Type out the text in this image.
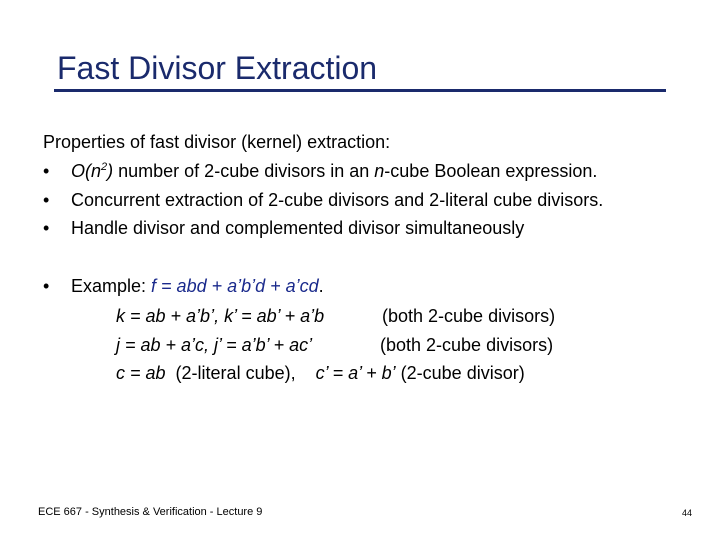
Fast Divisor Extraction
Properties of fast divisor (kernel) extraction:
• $O(n^2)$ number of 2-cube divisors in an n-cube Boolean expression.
• Concurrent extraction of 2-cube divisors and 2-literal cube divisors.
• Handle divisor and complemented divisor simultaneously
• Example: f = abd + a’b’d + a’cd.
k = ab + a’b’, k’ = ab’ + a’b	(both 2-cube divisors)
j = ab + a’c, j’ = a’b’ + ac’	(both 2-cube divisors)
c = ab  (2-literal cube),    c’ = a’ + b’ (2-cube divisor)
ECE 667 - Synthesis & Verification - Lecture 9	44
